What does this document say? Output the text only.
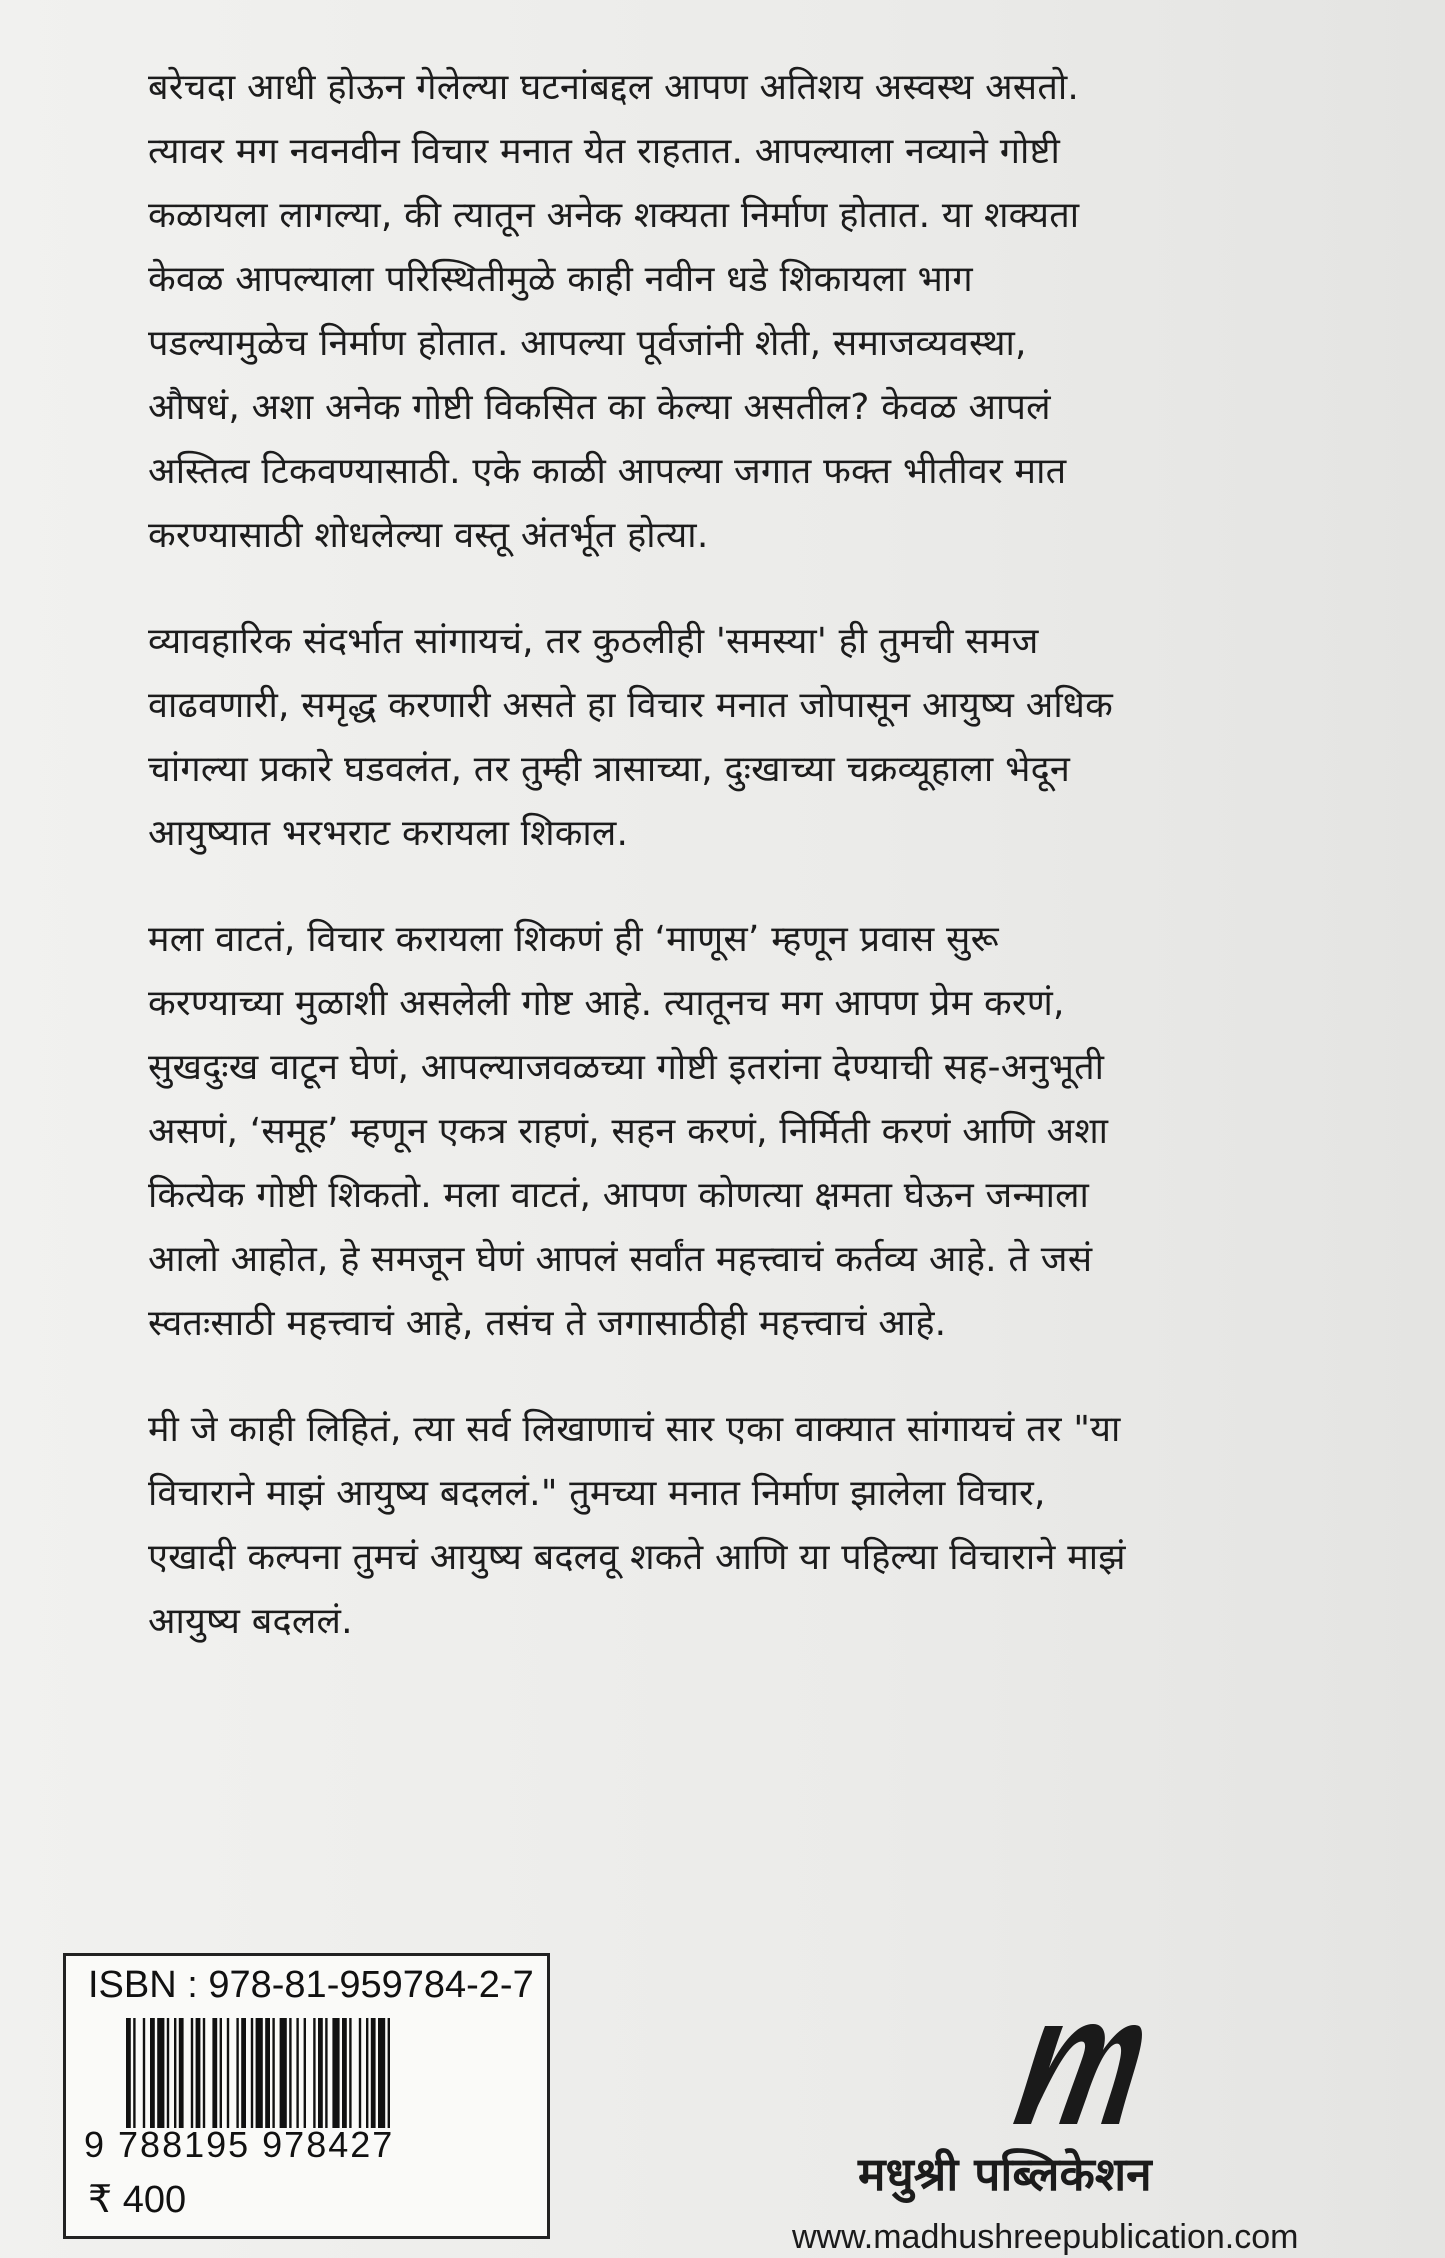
बरेचदा आधी होऊन गेलेल्या घटनांबद्दल आपण अतिशय अस्वस्थ असतो.
त्यावर मग नवनवीन विचार मनात येत राहतात. आपल्याला नव्याने गोष्टी
कळायला लागल्या, की त्यातून अनेक शक्यता निर्माण होतात. या शक्यता
केवळ आपल्याला परिस्थितीमुळे काही नवीन धडे शिकायला भाग
पडल्यामुळेच निर्माण होतात. आपल्या पूर्वजांनी शेती, समाजव्यवस्था,
औषधं, अशा अनेक गोष्टी विकसित का केल्या असतील? केवळ आपलं
अस्तित्व टिकवण्यासाठी. एके काळी आपल्या जगात फक्त भीतीवर मात
करण्यासाठी शोधलेल्या वस्तू अंतर्भूत होत्या.

व्यावहारिक संदर्भात सांगायचं, तर कुठलीही 'समस्या' ही तुमची समज
वाढवणारी, समृद्ध करणारी असते हा विचार मनात जोपासून आयुष्य अधिक
चांगल्या प्रकारे घडवलंत, तर तुम्ही त्रासाच्या, दुःखाच्या चक्रव्यूहाला भेदून
आयुष्यात भरभराट करायला शिकाल.

मला वाटतं, विचार करायला शिकणं ही ‘माणूस’ म्हणून प्रवास सुरू
करण्याच्या मुळाशी असलेली गोष्ट आहे. त्यातूनच मग आपण प्रेम करणं,
सुखदुःख वाटून घेणं, आपल्याजवळच्या गोष्टी इतरांना देण्याची सह-अनुभूती
असणं, ‘समूह’ म्हणून एकत्र राहणं, सहन करणं, निर्मिती करणं आणि अशा
कित्येक गोष्टी शिकतो. मला वाटतं, आपण कोणत्या क्षमता घेऊन जन्माला
आलो आहोत, हे समजून घेणं आपलं सर्वांत महत्त्वाचं कर्तव्य आहे. ते जसं
स्वतःसाठी महत्त्वाचं आहे, तसंच ते जगासाठीही महत्त्वाचं आहे.

मी जे काही लिहितं, त्या सर्व लिखाणाचं सार एका वाक्यात सांगायचं तर "या
विचाराने माझं आयुष्य बदललं." तुमच्या मनात निर्माण झालेला विचार,
एखादी कल्पना तुमचं आयुष्य बदलवू शकते आणि या पहिल्या विचाराने माझं
आयुष्य बदललं.

ISBN : 978-81-959784-2-7
9 788195 978427
₹ 400	मधुश्री पब्लिकेशन
www.madhushreepublication.com
